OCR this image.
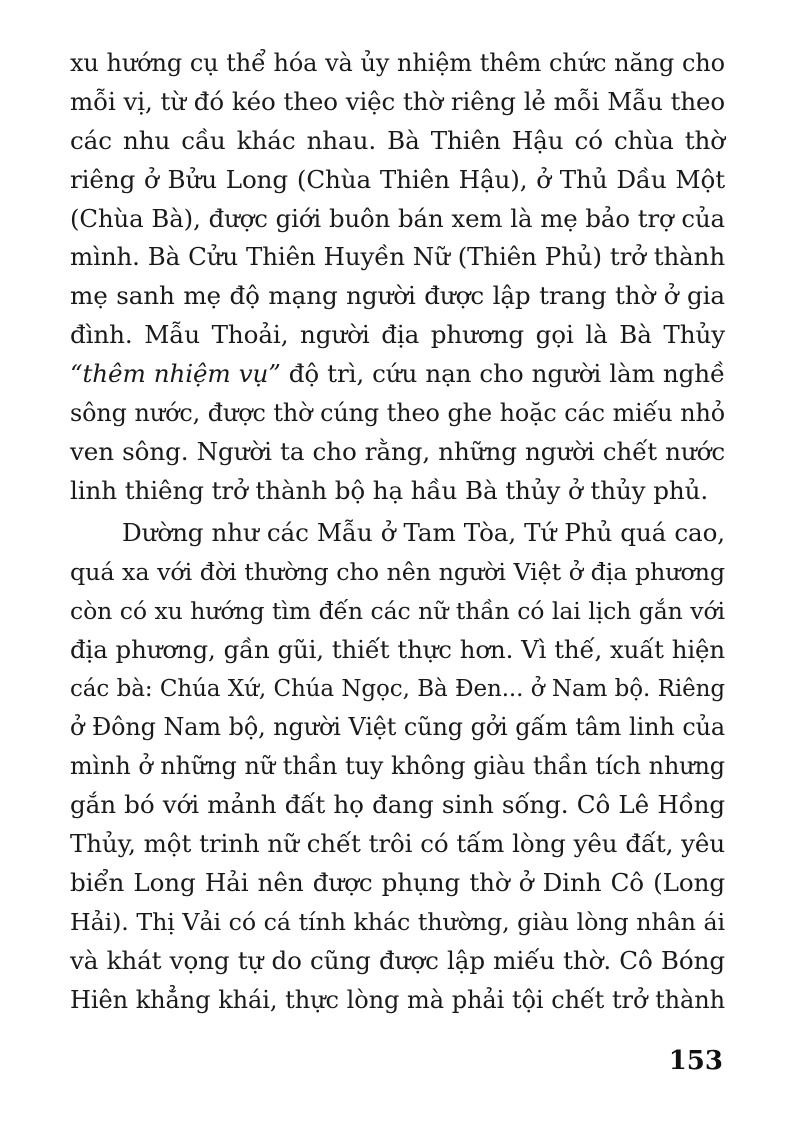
xu hướng cụ thể hóa và ủy nhiệm thêm chức năng cho
mỗi vị, từ đó kéo theo việc thờ riêng lẻ mỗi Mẫu theo
các nhu cầu khác nhau. Bà Thiên Hậu có chùa thờ
riêng ở Bửu Long (Chùa Thiên Hậu), ở Thủ Dầu Một
(Chùa Bà), được giới buôn bán xem là mẹ bảo trợ của
mình. Bà Cửu Thiên Huyền Nữ (Thiên Phủ) trở thành
mẹ sanh mẹ độ mạng người được lập trang thờ ở gia
đình. Mẫu Thoải, người địa phương gọi là Bà Thủy
“thêm nhiệm vụ” độ trì, cứu nạn cho người làm nghề
sông nước, được thờ cúng theo ghe hoặc các miếu nhỏ
ven sông. Người ta cho rằng, những người chết nước
linh thiêng trở thành bộ hạ hầu Bà thủy ở thủy phủ.
Dường như các Mẫu ở Tam Tòa, Tứ Phủ quá cao,
quá xa với đời thường cho nên người Việt ở địa phương
còn có xu hướng tìm đến các nữ thần có lai lịch gắn với
địa phương, gần gũi, thiết thực hơn. Vì thế, xuất hiện
các bà: Chúa Xứ, Chúa Ngọc, Bà Đen... ở Nam bộ. Riêng
ở Đông Nam bộ, người Việt cũng gởi gấm tâm linh của
mình ở những nữ thần tuy không giàu thần tích nhưng
gắn bó với mảnh đất họ đang sinh sống. Cô Lê Hồng
Thủy, một trinh nữ chết trôi có tấm lòng yêu đất, yêu
biển Long Hải nên được phụng thờ ở Dinh Cô (Long
Hải). Thị Vải có cá tính khác thường, giàu lòng nhân ái
và khát vọng tự do cũng được lập miếu thờ. Cô Bóng
Hiên khẳng khái, thực lòng mà phải tội chết trở thành
153
